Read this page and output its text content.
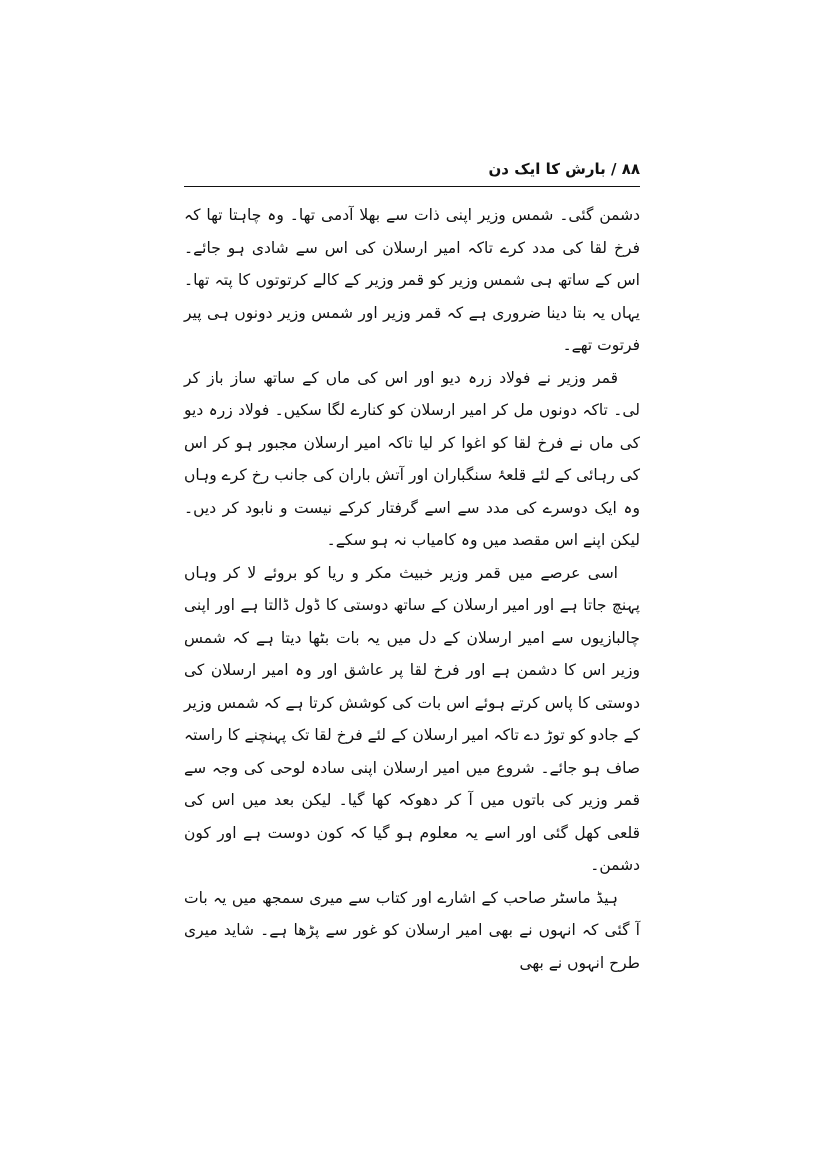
۸۸ / بارش کا ایک دن

دشمن گئی۔ شمس وزیر اپنی ذات سے بھلا آدمی تھا۔ وہ چاہتا تھا کہ فرخ لقا کی مدد کرے تاکہ امیر ارسلان کی اس سے شادی ہو جائے۔ اس کے ساتھ ہی شمس وزیر کو قمر وزیر کے کالے کرتوتوں کا پتہ تھا۔ یہاں یہ بتا دینا ضروری ہے کہ قمر وزیر اور شمس وزیر دونوں ہی پیر فرتوت تھے۔

قمر وزیر نے فولاد زرہ دیو اور اس کی ماں کے ساتھ ساز باز کر لی۔ تاکہ دونوں مل کر امیر ارسلان کو کنارے لگا سکیں۔ فولاد زرہ دیو کی ماں نے فرخ لقا کو اغوا کر لیا تاکہ امیر ارسلان مجبور ہو کر اس کی رہائی کے لئے قلعۂ سنگباران اور آتش باران کی جانب رخ کرے وہاں وہ ایک دوسرے کی مدد سے اسے گرفتار کرکے نیست و نابود کر دیں۔ لیکن اپنے اس مقصد میں وہ کامیاب نہ ہو سکے۔

اسی عرصے میں قمر وزیر خبیث مکر و ریا کو بروئے لا کر وہاں پہنچ جاتا ہے اور امیر ارسلان کے ساتھ دوستی کا ڈول ڈالتا ہے اور اپنی چالبازیوں سے امیر ارسلان کے دل میں یہ بات بٹھا دیتا ہے کہ شمس وزیر اس کا دشمن ہے اور فرخ لقا پر عاشق اور وہ امیر ارسلان کی دوستی کا پاس کرتے ہوئے اس بات کی کوشش کرتا ہے کہ شمس وزیر کے جادو کو توڑ دے تاکہ امیر ارسلان کے لئے فرخ لقا تک پہنچنے کا راستہ صاف ہو جائے۔ شروع میں امیر ارسلان اپنی سادہ لوحی کی وجہ سے قمر وزیر کی باتوں میں آ کر دھوکہ کھا گیا۔ لیکن بعد میں اس کی قلعی کھل گئی اور اسے یہ معلوم ہو گیا کہ کون دوست ہے اور کون دشمن۔

ہیڈ ماسٹر صاحب کے اشارے اور کتاب سے میری سمجھ میں یہ بات آ گئی کہ انہوں نے بھی امیر ارسلان کو غور سے پڑھا ہے۔ شاید میری طرح انہوں نے بھی
